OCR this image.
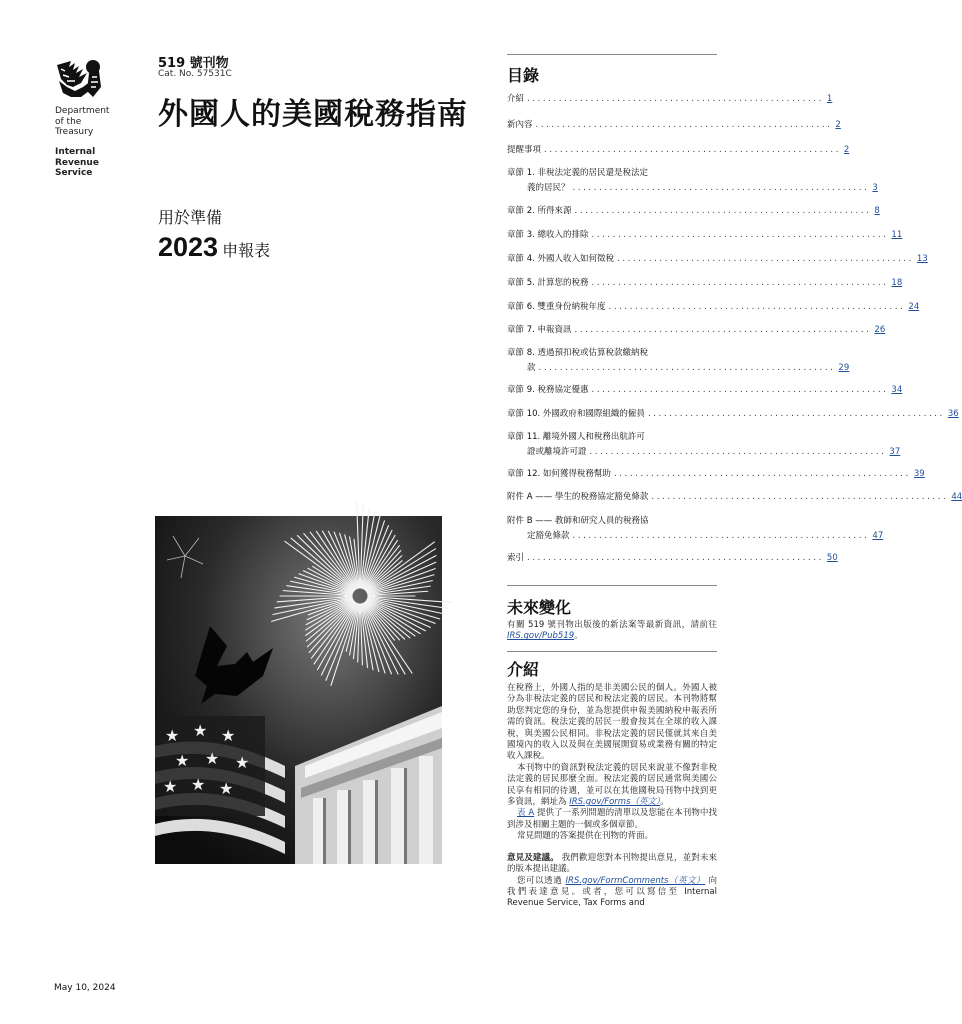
Department
of the
Treasury
Internal
Revenue
Service
519 號刊物
Cat. No. 57531C
外國人的美國稅務指南
用於準備
2023 申報表
★ ★ ★
★ ★ ★
★ ★ ★
May 10, 2024
目錄
介紹 ........................................................ 1
新內容 ........................................................ 2
提醒事項 ........................................................ 2
章節 1. 非稅法定義的居民還是稅法定
義的居民？ ........................................................ 3
章節 2. 所得來源 ........................................................ 8
章節 3. 總收入的排除 ........................................................ 11
章節 4. 外國人收入如何徵稅 ........................................................ 13
章節 5. 計算您的稅務 ........................................................ 18
章節 6. 雙重身份納稅年度 ........................................................ 24
章節 7. 申報資訊 ........................................................ 26
章節 8. 透過預扣稅或估算稅款繳納稅
款 ........................................................ 29
章節 9. 稅務協定優惠 ........................................................ 34
章節 10. 外國政府和國際組織的僱員 ........................................................ 36
章節 11. 離境外國人和稅務出航許可
證或離境許可證 ........................................................ 37
章節 12. 如何獲得稅務幫助 ........................................................ 39
附件 A —— 學生的稅務協定豁免條款 ........................................................ 44
附件 B —— 教師和研究人員的稅務協
定豁免條款 ........................................................ 47
索引 ........................................................ 50
未來變化
有關 519 號刊物出版後的新法案等最新資訊，請前往 IRS.gov/Pub519。
介紹
在稅務上，外國人指的是非美國公民的個人。外國人被分為非稅法定義的居民和稅法定義的居民。本刊物將幫助您判定您的身份，並為您提供申報美國納稅申報表所需的資訊。稅法定義的居民一般會按其在全球的收入課稅，與美國公民相同。非稅法定義的居民僅就其來自美國境內的收入以及與在美國展開貿易或業務有關的特定收入課稅。
本刊物中的資訊對稅法定義的居民來說並不像對非稅法定義的居民那麼全面。稅法定義的居民通常與美國公民享有相同的待遇，並可以在其他國稅局刊物中找到更多資訊，網址為 IRS.gov/Forms（英文）。
表 A 提供了一系列問題的清單以及您能在本刊物中找到涉及相關主題的一個或多個章節。
常見問題的答案提供在刊物的背面。
意見及建議。 我們歡迎您對本刊物提出意見，並對未來的版本提出建議。
您可以透過 IRS.gov/FormComments（英文） 向我們表達意見。或者，您可以寫信至 Internal Revenue Service, Tax Forms and
